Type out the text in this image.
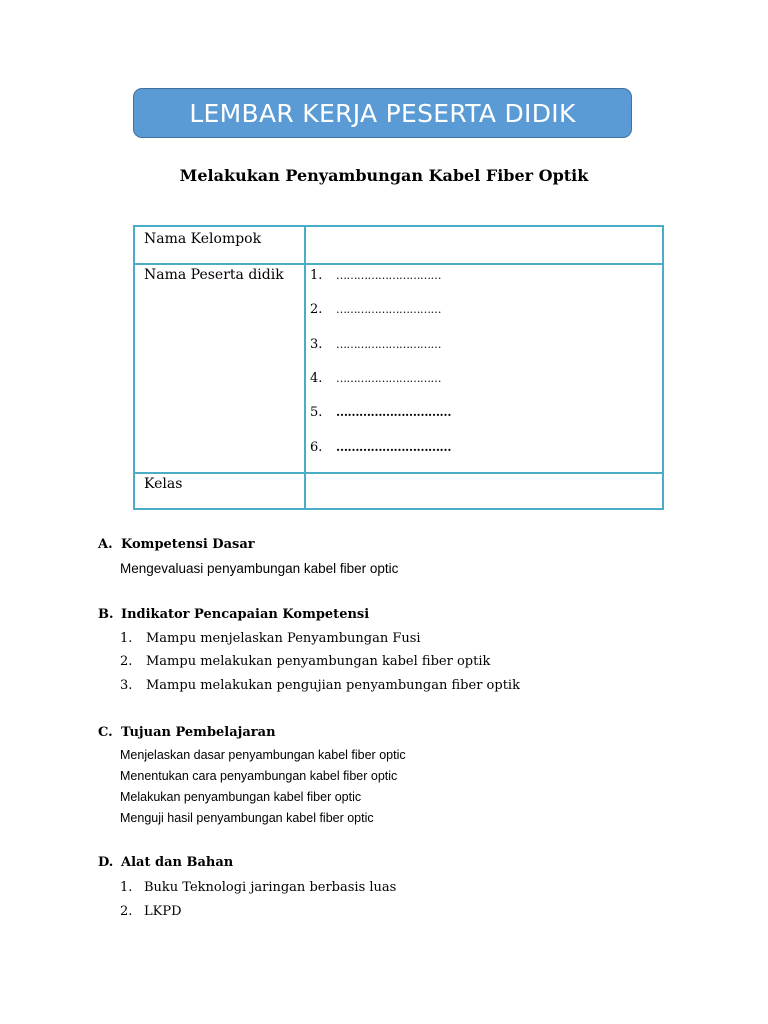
LEMBAR KERJA PESERTA DIDIK
Melakukan Penyambungan Kabel Fiber Optik
Nama Kelompok
Nama Peserta didik 1. …………………………
2. …………………………
3. …………………………
4. …………………………
5. …………………………
6. …………………………
Kelas
A. Kompetensi Dasar
Mengevaluasi penyambungan kabel fiber optic
B. Indikator Pencapaian Kompetensi
1. Mampu menjelaskan Penyambungan Fusi
2. Mampu melakukan penyambungan kabel fiber optik
3. Mampu melakukan pengujian penyambungan fiber optik
C. Tujuan Pembelajaran
Menjelaskan dasar penyambungan kabel fiber optic
Menentukan cara penyambungan kabel fiber optic
Melakukan penyambungan kabel fiber optic
Menguji hasil penyambungan kabel fiber optic
D. Alat dan Bahan
1. Buku Teknologi jaringan berbasis luas
2. LKPD
